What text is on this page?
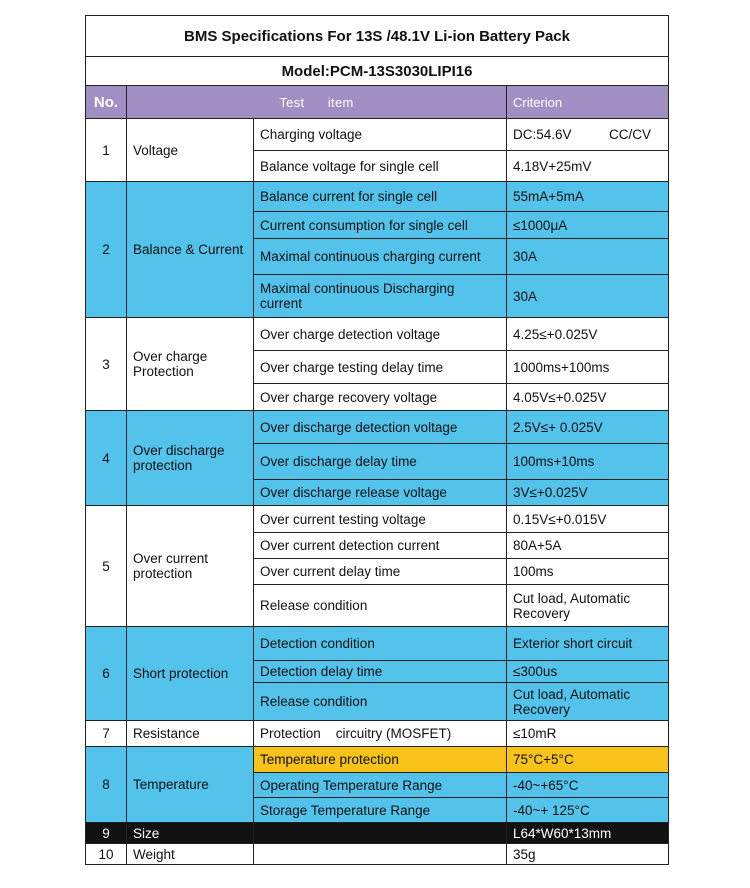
BMS Specifications For 13S /48.1V Li-ion Battery Pack			
Model:PCM-13S3030LIPI16			
No.	Test      item		Criterion
1	Voltage	Charging voltage	DC:54.6V          CC/CV
		Balance voltage for single cell	4.18V+25mV
2	Balance & Current	Balance current for single cell	55mA+5mA
		Current consumption for single cell	≤1000μA
		Maximal continuous charging current	30A
		Maximal continuous Discharging current	30A
3	Over charge Protection	Over charge detection voltage	4.25≤+0.025V
		Over charge testing delay time	1000ms+100ms
		Over charge recovery voltage	4.05V≤+0.025V
4	Over discharge protection	Over discharge detection voltage	2.5V≤+ 0.025V
		Over discharge delay time	100ms+10ms
		Over discharge release voltage	3V≤+0.025V
5	Over current protection	Over current testing voltage	0.15V≤+0.015V
		Over current detection current	80A+5A
		Over current delay time	100ms
		Release condition	Cut load, Automatic Recovery
6	Short protection	Detection condition	Exterior short circuit
		Detection delay time	≤300us
		Release condition	Cut load, Automatic Recovery
7	Resistance	Protection    circuitry (MOSFET)	≤10mR
8	Temperature	Temperature protection	75°C+5°C
		Operating Temperature Range	-40~+65°C
		Storage Temperature Range	-40~+ 125°C
9	Size		L64*W60*13mm
10	Weight		35g
